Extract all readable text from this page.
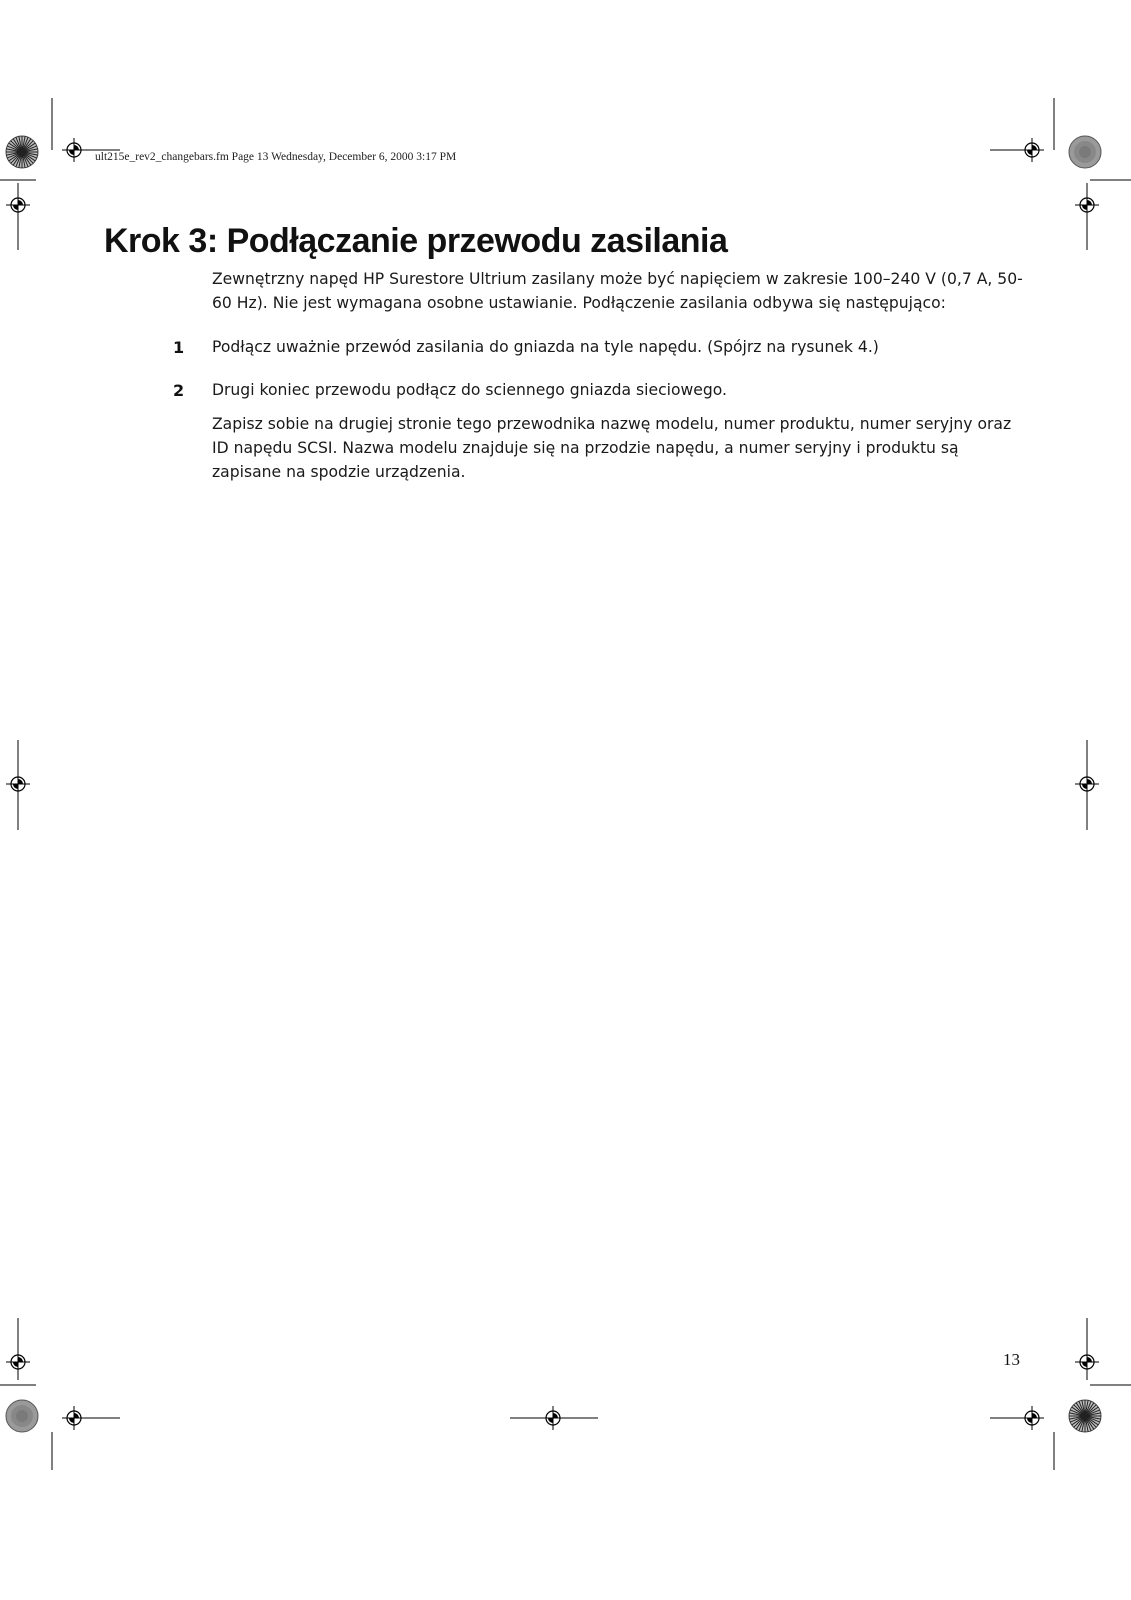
ult215e_rev2_changebars.fm Page 13 Wednesday, December 6, 2000 3:17 PM
Krok 3: Podłączanie przewodu zasilania

Zewnętrzny napęd HP Surestore Ultrium zasilany może być napięciem w zakresie 100–240 V (0,7 A, 50-60 Hz). Nie jest wymagana osobne ustawianie. Podłączenie zasilania odbywa się następująco:

1 Podłącz uważnie przewód zasilania do gniazda na tyle napędu. (Spójrz na rysunek 4.)
2 Drugi koniec przewodu podłącz do sciennego gniazda sieciowego.

Zapisz sobie na drugiej stronie tego przewodnika nazwę modelu, numer produktu, numer seryjny oraz ID napędu SCSI. Nazwa modelu znajduje się na przodzie napędu, a numer seryjny i produktu są zapisane na spodzie urządzenia.

13
